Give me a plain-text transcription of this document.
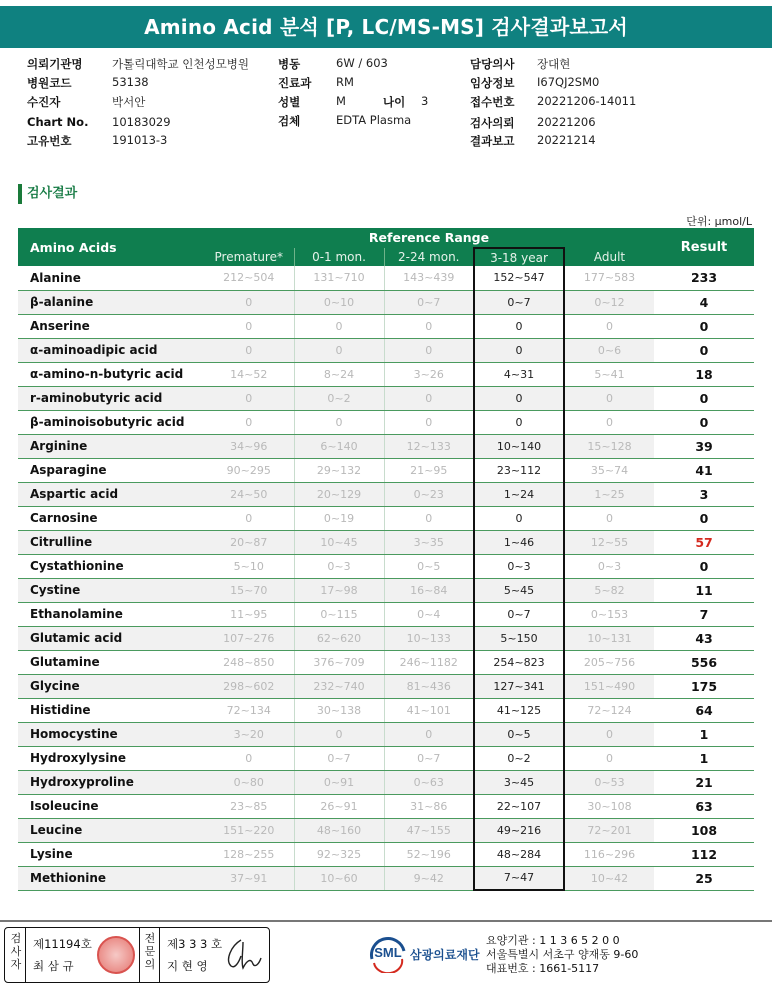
Amino Acid 분석 [P, LC/MS-MS] 검사결과보고서
의뢰기관명	가톨릭대학교 인천성모병원
병원코드	53138
수진자	박서안
Chart No. 10183029
고유번호	191013-3
병동	6W / 603
진료과 RM
성별	M	나이 3
검체	EDTA Plasma
담당의사 장대현
임상정보 I67QJ2SM0
접수번호 20221206-14011
검사의뢰 20221206
결과보고 20221214
검사결과
단위: μmol/L
Amino Acids	Reference Range					Result
	Premature*	0-1 mon.	2-24 mon.	3-18 year	Adult	
Alanine	212~504	131~710	143~439	152~547	177~583	233
β-alanine	0	0~10	0~7	0~7	0~12	4
Anserine	0	0	0	0	0	0
α-aminoadipic acid	0	0	0	0	0~6	0
α-amino-n-butyric acid	14~52	8~24	3~26	4~31	5~41	18
r-aminobutyric acid	0	0~2	0	0	0	0
β-aminoisobutyric acid	0	0	0	0	0	0
Arginine	34~96	6~140	12~133	10~140	15~128	39
Asparagine	90~295	29~132	21~95	23~112	35~74	41
Aspartic acid	24~50	20~129	0~23	1~24	1~25	3
Carnosine	0	0~19	0	0	0	0
Citrulline	20~87	10~45	3~35	1~46	12~55	57
Cystathionine	5~10	0~3	0~5	0~3	0~3	0
Cystine	15~70	17~98	16~84	5~45	5~82	11
Ethanolamine	11~95	0~115	0~4	0~7	0~153	7
Glutamic acid	107~276	62~620	10~133	5~150	10~131	43
Glutamine	248~850	376~709	246~1182	254~823	205~756	556
Glycine	298~602	232~740	81~436	127~341	151~490	175
Histidine	72~134	30~138	41~101	41~125	72~124	64
Homocystine	3~20	0	0	0~5	0	1
Hydroxylysine	0	0~7	0~7	0~2	0	1
Hydroxyproline	0~80	0~91	0~63	3~45	0~53	21
Isoleucine	23~85	26~91	31~86	22~107	30~108	63
Leucine	151~220	48~160	47~155	49~216	72~201	108
Lysine	128~255	92~325	52~196	48~284	116~296	112
Methionine	37~91	10~60	9~42	7~47	10~42	25
검사자
제11194호
최 삼 규
전문의
제3 3 3 호
지 현 영
SML 삼광의료재단
요양기관 : 1 1 3 6 5 2 0 0
서울특별시 서초구 양재동 9-60
대표번호 : 1661-5117
